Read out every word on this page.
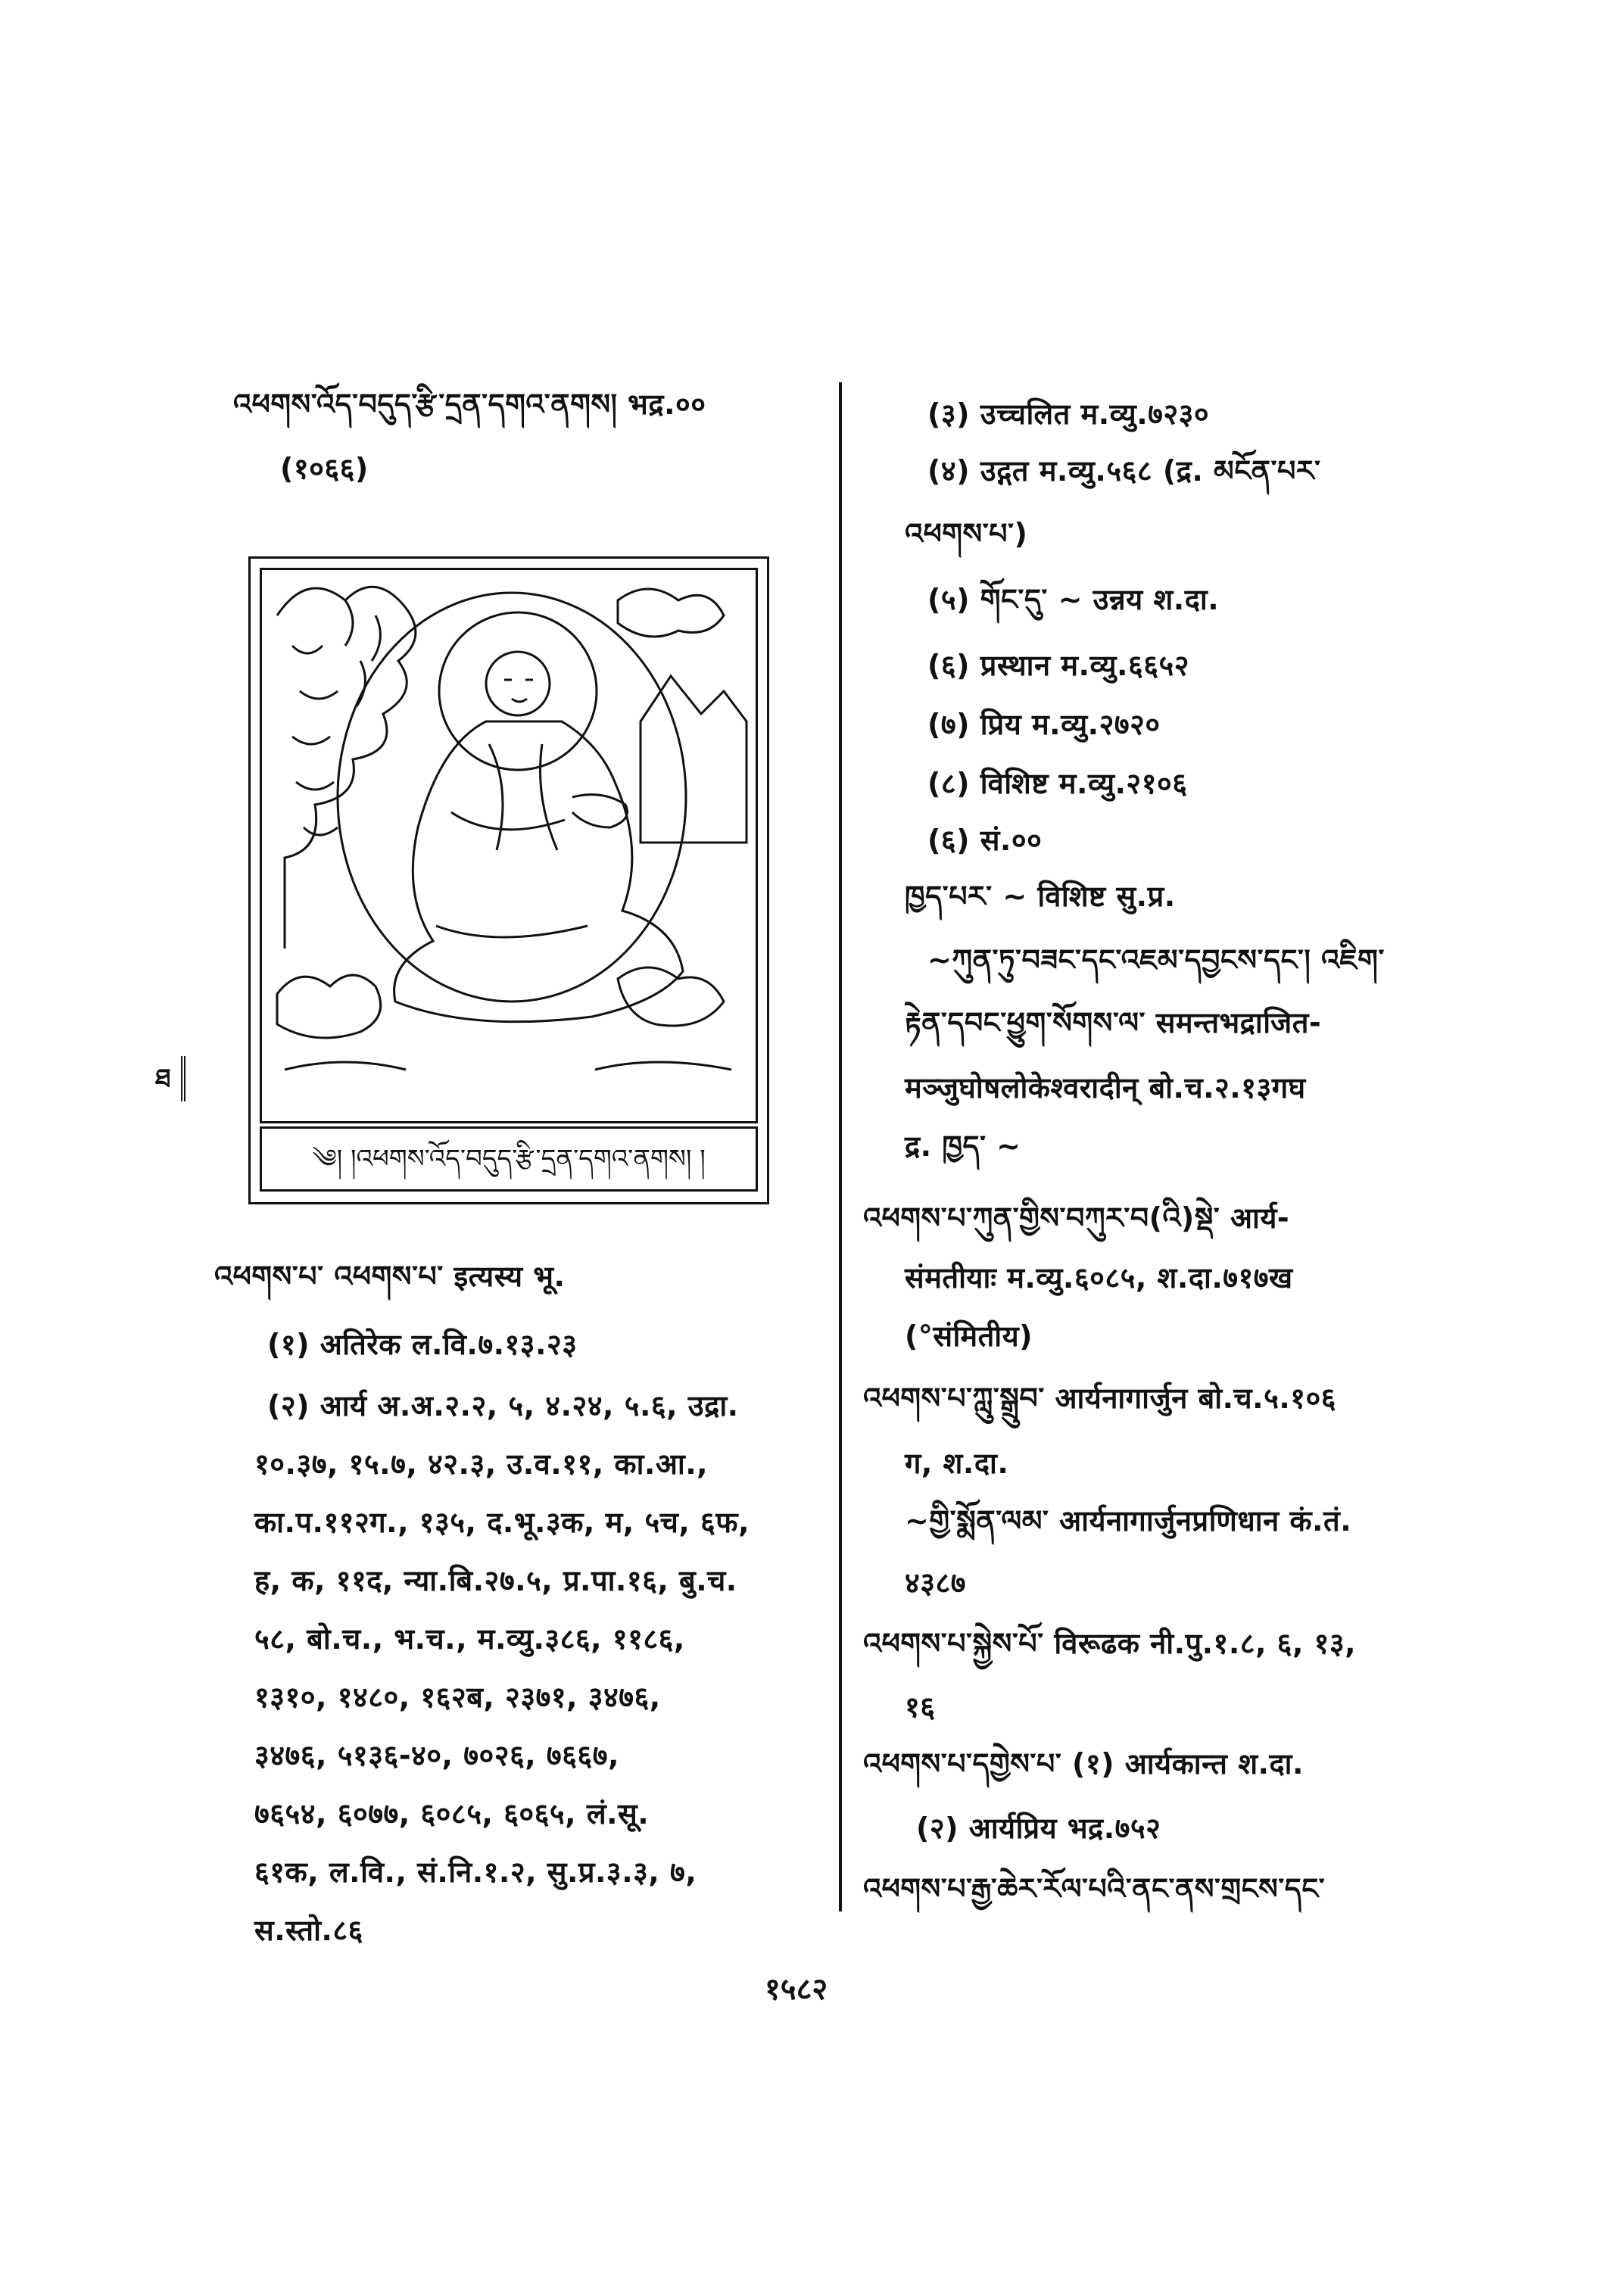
འཕགས་འོད་བདུད་རྩི་དྲན་དགའ་ནགས། भद्र.००
(१०६६)
༄། །འཕགས་འོད་བདུད་རྩི་དྲན་དགའ་ནགས། །
ཐ
འཕགས་པ་ འཕགས་པ་ इत्यस्य भू.
(१) अतिरेक ल.वि.७.१३.२३
(२) आर्य अ.अ.२.२, ५, ४.२४, ५.६, उद्रा.
१०.३७, १५.७, ४२.३, उ.व.११, का.आ.,
का.प.११२ग., १३५, द.भू.३क, म, ५च, ६फ,
ह, क, ११द, न्या.बि.२७.५, प्र.पा.१६, बु.च.
५८, बो.च., भ.च., म.व्यु.३८६, ११८६,
१३१०, १४८०, १६२ब, २३७१, ३४७६,
३४७६, ५१३६-४०, ७०२६, ७६६७,
७६५४, ६०७७, ६०८५, ६०६५, लं.सू.
६१क, ल.वि., सं.नि.१.२, सु.प्र.३.३, ७,
स.स्तो.८६
(३) उच्चलित म.व्यु.७२३०
(४) उद्गत म.व्यु.५६८ (द्र. མངོན་པར་
འཕགས་པ་)
(५) གོང་དུ་ ~ उन्नय श.दा.
(६) प्रस्थान म.व्यु.६६५२
(७) प्रिय म.व्यु.२७२०
(८) विशिष्ट म.व्यु.२१०६
(६) सं.००
ཁྱད་པར་ ~ विशिष्ट सु.प्र.
~ཀུན་ཏུ་བཟང་དང་འཇམ་དབྱངས་དང་། འཇིག་
རྟེན་དབང་ཕྱུག་སོགས་ལ་ समन्तभद्राजित-
मञ्जुघोषलोकेश्वरादीन् बो.च.२.१३गघ
द्र. ཁྱད་ ~
འཕགས་པ་ཀུན་གྱིས་བཀུར་བ(འི)སྡེ་ आर्य-
संमतीयाः म.व्यु.६०८५, श.दा.७१७ख
(°संमितीय)
འཕགས་པ་ཀླུ་སྒྲུབ་ आर्यनागार्जुन बो.च.५.१०६
ग, श.दा.
~གྱི་སྨོན་ལམ་ आर्यनागार्जुनप्रणिधान कं.तं.
४३८७
འཕགས་པ་སྐྱེས་པོ་ विरूढक नी.पु.१.८, ६, १३,
१६
འཕགས་པ་དགྱེས་པ་ (१) आर्यकान्त श.दा.
(२) आर्यप्रिय भद्र.७५२
འཕགས་པ་རྒྱ་ཆེར་རོལ་པའི་ནང་ནས་གྲངས་དང་
१५८२
